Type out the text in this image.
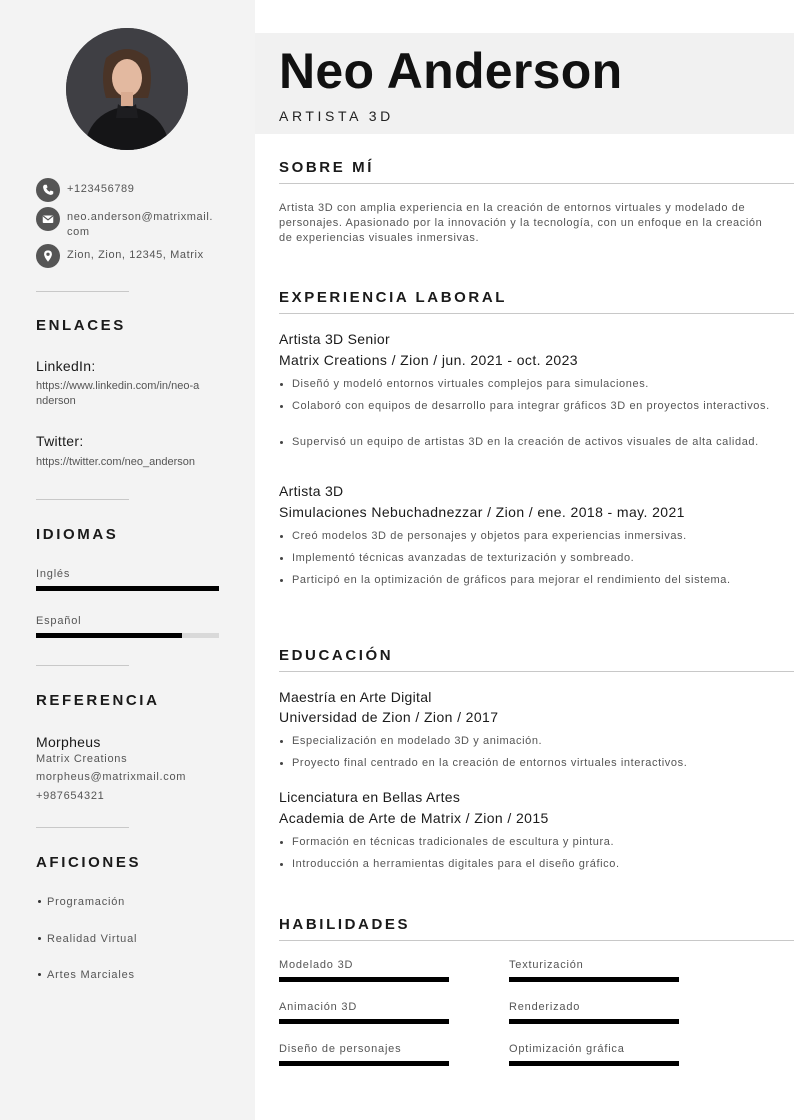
+123456789
neo.anderson@matrixmail.
com
Zion, Zion, 12345, Matrix
ENLACES
LinkedIn:
https://www.linkedin.com/in/neo-a
nderson
Twitter:
https://twitter.com/neo_anderson
IDIOMAS
Inglés
Español
REFERENCIA
Morpheus
Matrix Creations
morpheus@matrixmail.com
+987654321
AFICIONES
Programación
Realidad Virtual
Artes Marciales
Neo Anderson
ARTISTA 3D
SOBRE MÍ
Artista 3D con amplia experiencia en la creación de entornos virtuales y modelado de personajes. Apasionado por la innovación y la tecnología, con un enfoque en la creación de experiencias visuales inmersivas.
EXPERIENCIA LABORAL
Artista 3D Senior
Matrix Creations / Zion / jun. 2021 - oct. 2023
Diseñó y modeló entornos virtuales complejos para simulaciones.
Colaboró con equipos de desarrollo para integrar gráficos 3D en proyectos interactivos.
Supervisó un equipo de artistas 3D en la creación de activos visuales de alta calidad.
Artista 3D
Simulaciones Nebuchadnezzar / Zion / ene. 2018 - may. 2021
Creó modelos 3D de personajes y objetos para experiencias inmersivas.
Implementó técnicas avanzadas de texturización y sombreado.
Participó en la optimización de gráficos para mejorar el rendimiento del sistema.
EDUCACIÓN
Maestría en Arte Digital
Universidad de Zion / Zion / 2017
Especialización en modelado 3D y animación.
Proyecto final centrado en la creación de entornos virtuales interactivos.
Licenciatura en Bellas Artes
Academia de Arte de Matrix / Zion / 2015
Formación en técnicas tradicionales de escultura y pintura.
Introducción a herramientas digitales para el diseño gráfico.
HABILIDADES
Modelado 3D	Texturización
Animación 3D	Renderizado
Diseño de personajes	Optimización gráfica
